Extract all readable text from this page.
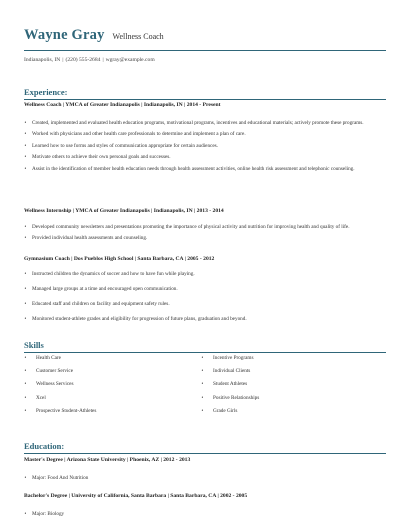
Wayne Gray Wellness Coach
Indianapolis, IN | (220) 555-2684 | wgray@example.com
Experience:
Wellness Coach | YMCA of Greater Indianapolis | Indianapolis, IN | 2014 - Present
• Created, implemented and evaluated health education programs, motivational programs, incentives and educational materials; actively promote these programs.
• Worked with physicians and other health care professionals to determine and implement a plan of care.
• Learned how to use forms and styles of communication appropriate for certain audiences.
• Motivate others to achieve their own personal goals and successes.
• Assist in the identification of member health education needs through health assessment activities, online health risk assessment and telephonic counseling.
Wellness Internship | YMCA of Greater Indianapolis | Indianapolis, IN | 2013 - 2014
• Developed community newsletters and presentations promoting the importance of physical activity and nutrition for improving health and quality of life.
• Provided individual health assessments and counseling.
Gymnasium Coach | Dos Pueblos High School | Santa Barbara, CA | 2005 - 2012
• Instructed children the dynamics of soccer and how to have fun while playing.
• Managed large groups at a time and encouraged open communication.
• Educated staff and children on facility and equipment safety rules.
• Monitored student-athlete grades and eligibility for progression of future plans, graduation and beyond.
Skills
• Health Care
• Customer Service
• Wellness Services
• Xcel
• Prospective Student-Athletes
• Incentive Programs
• Individual Clients
• Student Athletes
• Positive Relationships
• Grade Girls
Education:
Master's Degree | Arizona State University | Phoenix, AZ | 2012 - 2013
• Major: Food And Nutrition
Bachelor's Degree | University of California, Santa Barbara | Santa Barbara, CA | 2002 - 2005
• Major: Biology
